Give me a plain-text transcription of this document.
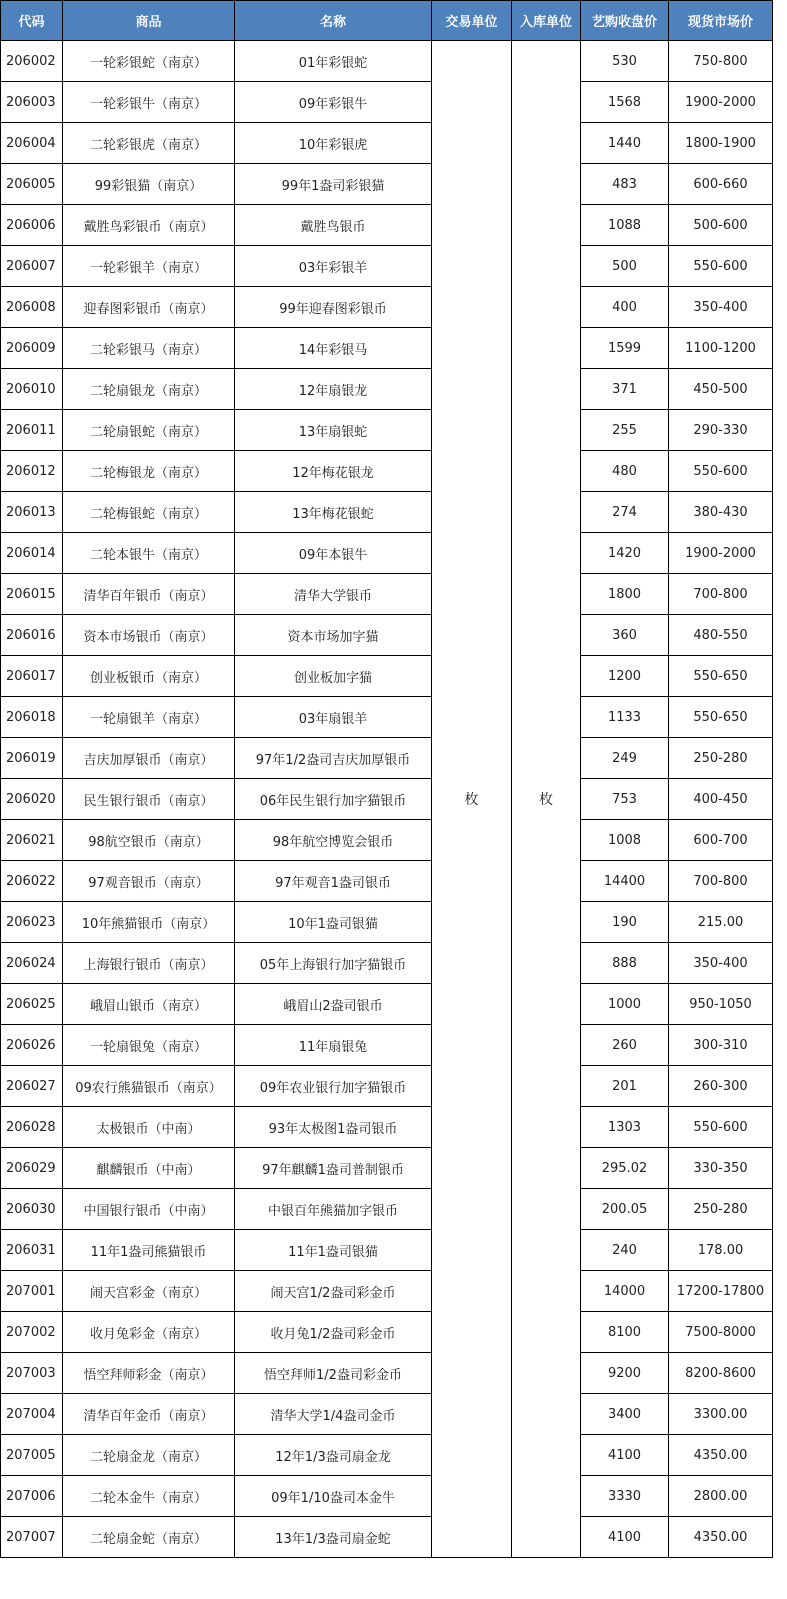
代码	商品	名称	交易单位	入库单位	艺购收盘价	现货市场价
206002	一轮彩银蛇（南京）	01年彩银蛇	枚	枚	530	750-800
206003	一轮彩银牛（南京）	09年彩银牛			1568	1900-2000
206004	二轮彩银虎（南京）	10年彩银虎			1440	1800-1900
206005	99彩银猫（南京）	99年1盎司彩银猫			483	600-660
206006	戴胜鸟彩银币（南京）	戴胜鸟银币			1088	500-600
206007	一轮彩银羊（南京）	03年彩银羊			500	550-600
206008	迎春图彩银币（南京）	99年迎春图彩银币			400	350-400
206009	二轮彩银马（南京）	14年彩银马			1599	1100-1200
206010	二轮扇银龙（南京）	12年扇银龙			371	450-500
206011	二轮扇银蛇（南京）	13年扇银蛇			255	290-330
206012	二轮梅银龙（南京）	12年梅花银龙			480	550-600
206013	二轮梅银蛇（南京）	13年梅花银蛇			274	380-430
206014	二轮本银牛（南京）	09年本银牛			1420	1900-2000
206015	清华百年银币（南京）	清华大学银币			1800	700-800
206016	资本市场银币（南京）	资本市场加字猫			360	480-550
206017	创业板银币（南京）	创业板加字猫			1200	550-650
206018	一轮扇银羊（南京）	03年扇银羊			1133	550-650
206019	吉庆加厚银币（南京）	97年1/2盎司吉庆加厚银币			249	250-280
206020	民生银行银币（南京）	06年民生银行加字猫银币			753	400-450
206021	98航空银币（南京）	98年航空博览会银币			1008	600-700
206022	97观音银币（南京）	97年观音1盎司银币			14400	700-800
206023	10年熊猫银币（南京）	10年1盎司银猫			190	215.00
206024	上海银行银币（南京）	05年上海银行加字猫银币			888	350-400
206025	峨眉山银币（南京）	峨眉山2盎司银币			1000	950-1050
206026	一轮扇银兔（南京）	11年扇银兔			260	300-310
206027	09农行熊猫银币（南京）	09年农业银行加字猫银币			201	260-300
206028	太极银币（中南）	93年太极图1盎司银币			1303	550-600
206029	麒麟银币（中南）	97年麒麟1盎司普制银币			295.02	330-350
206030	中国银行银币（中南）	中银百年熊猫加字银币			200.05	250-280
206031	11年1盎司熊猫银币	11年1盎司银猫			240	178.00
207001	闹天宫彩金（南京）	闹天宫1/2盎司彩金币			14000	17200-17800
207002	收月兔彩金（南京）	收月兔1/2盎司彩金币			8100	7500-8000
207003	悟空拜师彩金（南京）	悟空拜师1/2盎司彩金币			9200	8200-8600
207004	清华百年金币（南京）	清华大学1/4盎司金币			3400	3300.00
207005	二轮扇金龙（南京）	12年1/3盎司扇金龙			4100	4350.00
207006	二轮本金牛（南京）	09年1/10盎司本金牛			3330	2800.00
207007	二轮扇金蛇（南京）	13年1/3盎司扇金蛇			4100	4350.00
